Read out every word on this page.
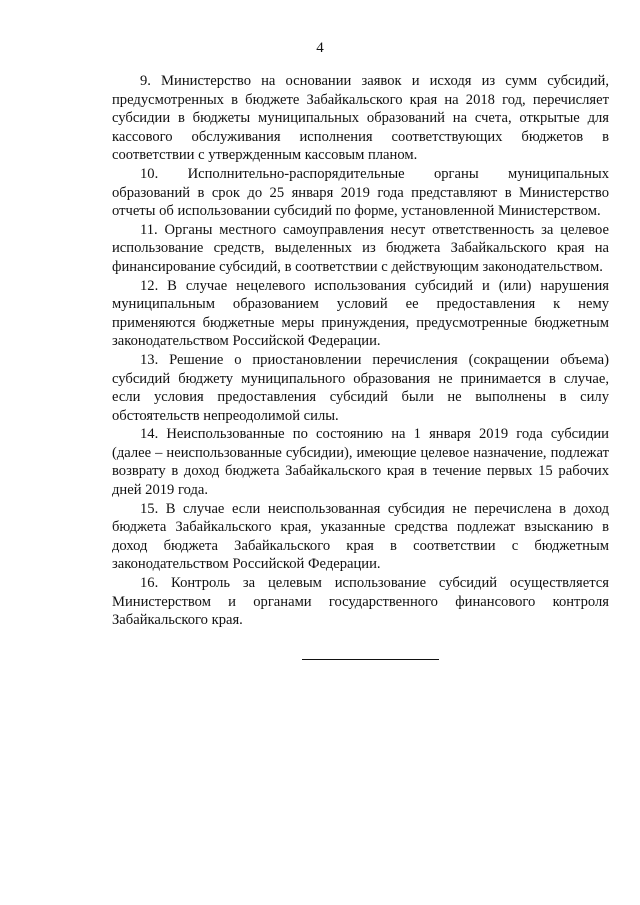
4

9. Министерство на основании заявок и исходя из сумм субсидий, предусмотренных в бюджете Забайкальского края на 2018 год, перечисляет субсидии в бюджеты муниципальных образований на счета, открытые для кассового обслуживания исполнения соответствующих бюджетов в соответствии с утвержденным кассовым планом.

10. Исполнительно-распорядительные органы муниципальных образований в срок до 25 января 2019 года представляют в Министерство отчеты об использовании субсидий по форме, установленной Министерством.

11. Органы местного самоуправления несут ответственность за целевое использование средств, выделенных из бюджета Забайкальского края на финансирование субсидий, в соответствии с действующим законодательством.

12. В случае нецелевого использования субсидий и (или) нарушения муниципальным образованием условий ее предоставления к нему применяются бюджетные меры принуждения, предусмотренные бюджетным законодательством Российской Федерации.

13. Решение о приостановлении перечисления (сокращении объема) субсидий бюджету муниципального образования не принимается в случае, если условия предоставления субсидий были не выполнены в силу обстоятельств непреодолимой силы.

14. Неиспользованные по состоянию на 1 января 2019 года субсидии (далее – неиспользованные субсидии), имеющие целевое назначение, подлежат возврату в доход бюджета Забайкальского края в течение первых 15 рабочих дней 2019 года.

15. В случае если неиспользованная субсидия не перечислена в доход бюджета Забайкальского края, указанные средства подлежат взысканию в доход бюджета Забайкальского края в соответствии с бюджетным законодательством Российской Федерации.

16. Контроль за целевым использование субсидий осуществляется Министерством и органами государственного финансового контроля Забайкальского края.
